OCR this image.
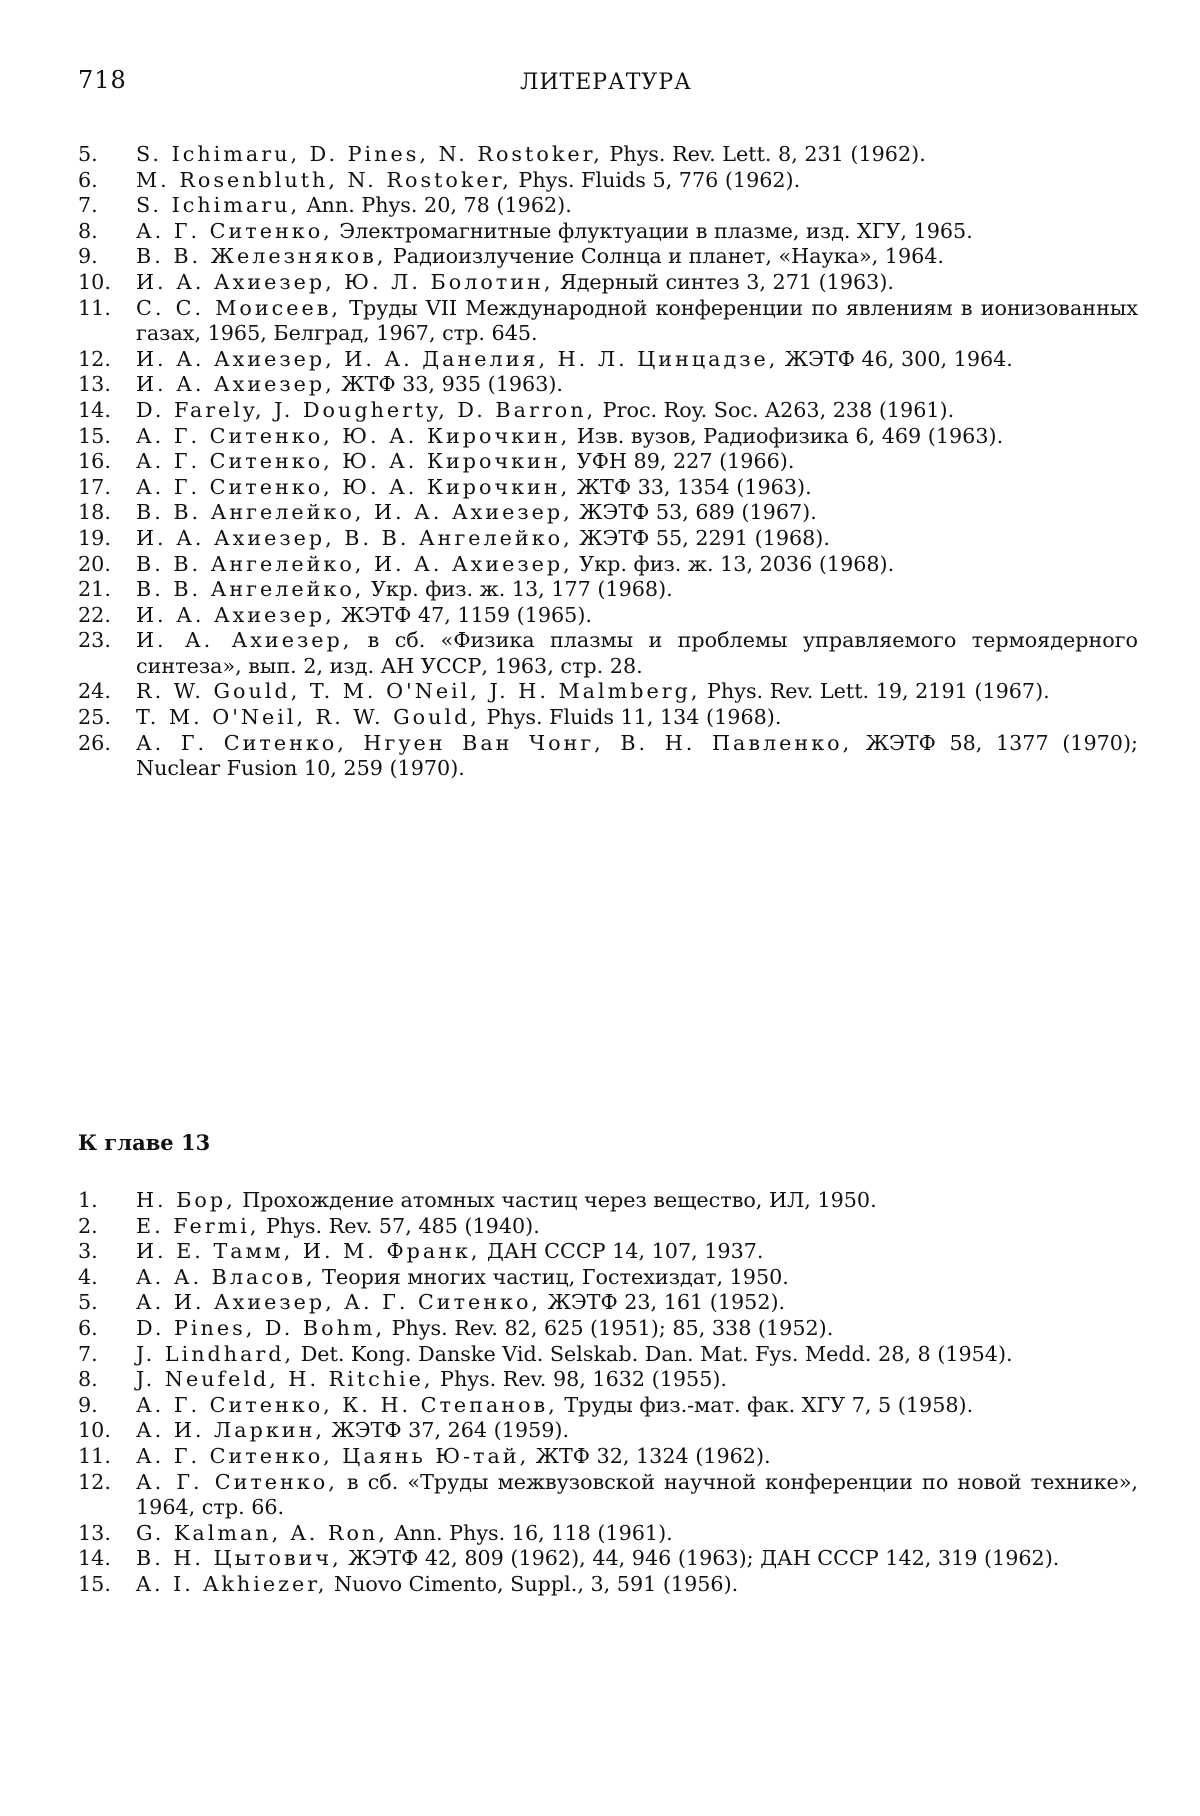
718	ЛИТЕРАТУРА
5.	S. Ichimaru, D. Pines, N. Rostoker, Phys. Rev. Lett. 8, 231 (1962).
6.	M. Rosenbluth, N. Rostoker, Phys. Fluids 5, 776 (1962).
7.	S. Ichimaru, Ann. Phys. 20, 78 (1962).
8.	А. Г. Ситенко, Электромагнитные флуктуации в плазме, изд. ХГУ, 1965.
9.	В. В. Железняков, Радиоизлучение Солнца и планет, «Наука», 1964.
10.	И. А. Ахиезер, Ю. Л. Болотин, Ядерный синтез 3, 271 (1963).
11.	С. С. Моисеев, Труды VII Международной конференции по явлениям в ионизованных газах, 1965, Белград, 1967, стр. 645.
12.	И. А. Ахиезер, И. А. Данелия, Н. Л. Цинцадзе, ЖЭТФ 46, 300, 1964.
13.	И. А. Ахиезер, ЖТФ 33, 935 (1963).
14.	D. Farely, J. Dougherty, D. Barron, Proc. Roy. Soc. A263, 238 (1961).
15.	А. Г. Ситенко, Ю. А. Кирочкин, Изв. вузов, Радиофизика 6, 469 (1963).
16.	А. Г. Ситенко, Ю. А. Кирочкин, УФН 89, 227 (1966).
17.	А. Г. Ситенко, Ю. А. Кирочкин, ЖТФ 33, 1354 (1963).
18.	В. В. Ангелейко, И. А. Ахиезер, ЖЭТФ 53, 689 (1967).
19.	И. А. Ахиезер, В. В. Ангелейко, ЖЭТФ 55, 2291 (1968).
20.	В. В. Ангелейко, И. А. Ахиезер, Укр. физ. ж. 13, 2036 (1968).
21.	В. В. Ангелейко, Укр. физ. ж. 13, 177 (1968).
22.	И. А. Ахиезер, ЖЭТФ 47, 1159 (1965).
23.	И. А. Ахиезер, в сб. «Физика плазмы и проблемы управляемого термоядерного синтеза», вып. 2, изд. АН УССР, 1963, стр. 28.
24.	R. W. Gould, T. M. O'Neil, J. H. Malmberg, Phys. Rev. Lett. 19, 2191 (1967).
25.	T. M. O'Neil, R. W. Gould, Phys. Fluids 11, 134 (1968).
26.	А. Г. Ситенко, Нгуен Ван Чонг, В. Н. Павленко, ЖЭТФ 58, 1377 (1970); Nuclear Fusion 10, 259 (1970).
К главе 13
1.	Н. Бор, Прохождение атомных частиц через вещество, ИЛ, 1950.
2.	E. Fermi, Phys. Rev. 57, 485 (1940).
3.	И. Е. Тамм, И. М. Франк, ДАН СССР 14, 107, 1937.
4.	А. А. Власов, Теория многих частиц, Гостехиздат, 1950.
5.	А. И. Ахиезер, А. Г. Ситенко, ЖЭТФ 23, 161 (1952).
6.	D. Pines, D. Bohm, Phys. Rev. 82, 625 (1951); 85, 338 (1952).
7.	J. Lindhard, Det. Kong. Danske Vid. Selskab. Dan. Mat. Fys. Medd. 28, 8 (1954).
8.	J. Neufeld, H. Ritchie, Phys. Rev. 98, 1632 (1955).
9.	А. Г. Ситенко, К. Н. Степанов, Труды физ.-мат. фак. ХГУ 7, 5 (1958).
10.	А. И. Ларкин, ЖЭТФ 37, 264 (1959).
11.	А. Г. Ситенко, Цаянь Ю-тай, ЖТФ 32, 1324 (1962).
12.	А. Г. Ситенко, в сб. «Труды межвузовской научной конференции по новой технике», 1964, стр. 66.
13.	G. Kalman, A. Ron, Ann. Phys. 16, 118 (1961).
14.	В. Н. Цытович, ЖЭТФ 42, 809 (1962), 44, 946 (1963); ДАН СССР 142, 319 (1962).
15.	A. I. Akhiezer, Nuovo Cimento, Suppl., 3, 591 (1956).
